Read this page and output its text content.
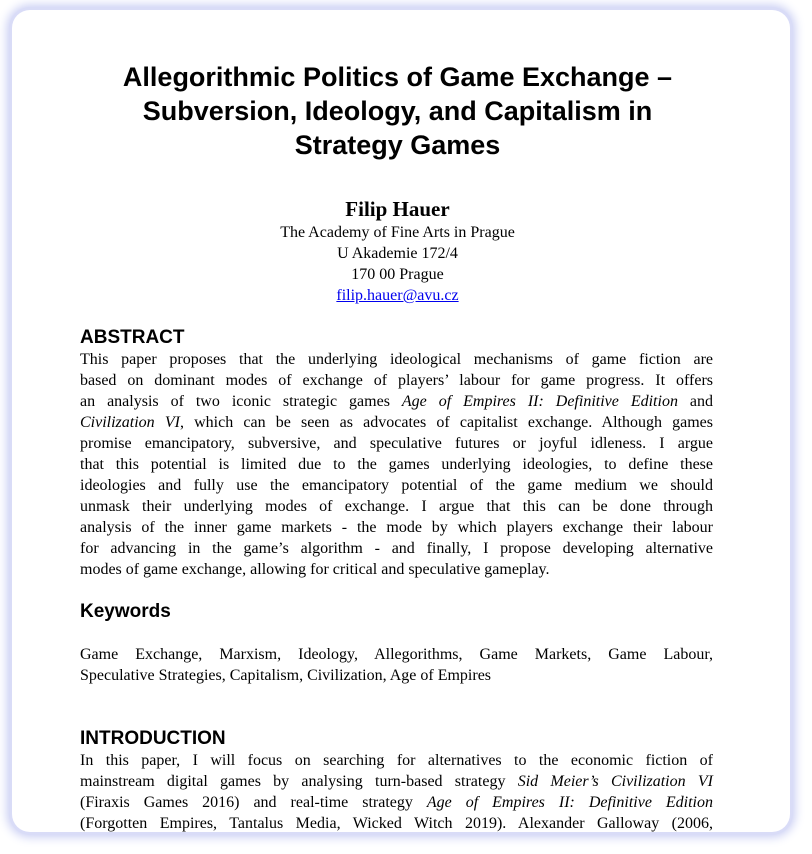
Allegorithmic Politics of Game Exchange –
Subversion, Ideology, and Capitalism in
Strategy Games
Filip Hauer
The Academy of Fine Arts in Prague
U Akademie 172/4
170 00 Prague
filip.hauer@avu.cz
ABSTRACT
This paper proposes that the underlying ideological mechanisms of game fiction are
based on dominant modes of exchange of players’ labour for game progress. It offers
an analysis of two iconic strategic games Age of Empires II: Definitive Edition and
Civilization VI, which can be seen as advocates of capitalist exchange. Although games
promise emancipatory, subversive, and speculative futures or joyful idleness. I argue
that this potential is limited due to the games underlying ideologies, to define these
ideologies and fully use the emancipatory potential of the game medium we should
unmask their underlying modes of exchange. I argue that this can be done through
analysis of the inner game markets - the mode by which players exchange their labour
for advancing in the game’s algorithm - and finally, I propose developing alternative
modes of game exchange, allowing for critical and speculative gameplay.
Keywords
Game Exchange, Marxism, Ideology, Allegorithms, Game Markets, Game Labour,
Speculative Strategies, Capitalism, Civilization, Age of Empires
INTRODUCTION
In this paper, I will focus on searching for alternatives to the economic fiction of
mainstream digital games by analysing turn-based strategy Sid Meier’s Civilization VI
(Firaxis Games 2016) and real-time strategy Age of Empires II: Definitive Edition
(Forgotten Empires, Tantalus Media, Wicked Witch 2019). Alexander Galloway (2006,
